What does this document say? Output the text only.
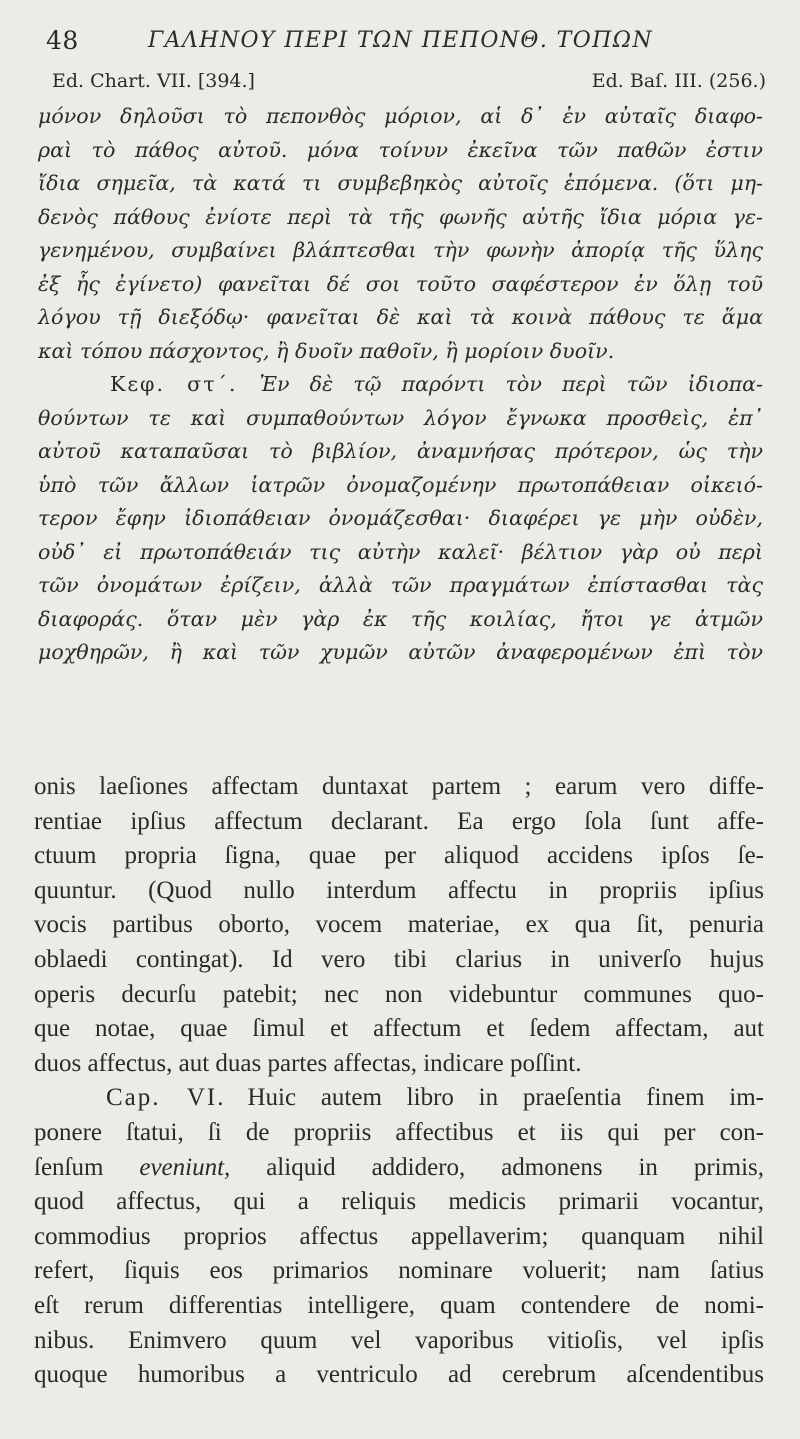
48	ΓΑΛΗΝΟΥ ΠΕΡΙ ΤΩΝ ΠΕΠΟΝΘ. ΤΟΠΩΝ
Ed. Chart. VII. [394.]	Ed. Baſ. III. (256.)
μόνον δηλοῦσι τὸ πεπονθὸς μόριον, αἱ δ᾿ ἐν αὐταῖς διαφο-
ραὶ τὸ πάθος αὐτοῦ. μόνα τοίνυν ἐκεῖνα τῶν παθῶν ἐστιν
ἴδια σημεῖα, τὰ κατά τι συμβεβηκὸς αὐτοῖς ἑπόμενα. (ὅτι μη-
δενὸς πάθους ἐνίοτε περὶ τὰ τῆς φωνῆς αὐτῆς ἴδια μόρια γε-
γενημένου, συμβαίνει βλάπτεσθαι τὴν φωνὴν ἀπορίᾳ τῆς ὕλης
ἐξ ἧς ἐγίνετο) φανεῖται δέ σοι τοῦτο σαφέστερον ἐν ὅλῃ τοῦ
λόγου τῇ διεξόδῳ· φανεῖται δὲ καὶ τὰ κοινὰ πάθους τε ἅμα
καὶ τόπου πάσχοντος, ἢ δυοῖν παθοῖν, ἢ μορίοιν δυοῖν.
Κεφ. στ΄. Ἐν δὲ τῷ παρόντι τὸν περὶ τῶν ἰδιοπα-
θούντων τε καὶ συμπαθούντων λόγον ἔγνωκα προσθεὶς, ἐπ᾿
αὐτοῦ καταπαῦσαι τὸ βιβλίον, ἀναμνήσας πρότερον, ὡς τὴν
ὑπὸ τῶν ἄλλων ἰατρῶν ὀνομαζομένην πρωτοπάθειαν οἰκειό-
τερον ἔφην ἰδιοπάθειαν ὀνομάζεσθαι· διαφέρει γε μὴν οὐδὲν,
οὐδ᾿ εἰ πρωτοπάθειάν τις αὐτὴν καλεῖ· βέλτιον γὰρ οὐ περὶ
τῶν ὀνομάτων ἐρίζειν, ἀλλὰ τῶν πραγμάτων ἐπίστασθαι τὰς
διαφοράς. ὅταν μὲν γὰρ ἐκ τῆς κοιλίας, ἤτοι γε ἀτμῶν
μοχθηρῶν, ἢ καὶ τῶν χυμῶν αὐτῶν ἀναφερομένων ἐπὶ τὸν
onis laeſiones affectam duntaxat partem ; earum vero diffe-
rentiae ipſius affectum declarant. Ea ergo ſola ſunt affe-
ctuum propria ſigna, quae per aliquod accidens ipſos ſe-
quuntur. (Quod nullo interdum affectu in propriis ipſius
vocis partibus oborto, vocem materiae, ex qua ſit, penuria
oblaedi contingat). Id vero tibi clarius in univerſo hujus
operis decurſu patebit; nec non videbuntur communes quo-
que notae, quae ſimul et affectum et ſedem affectam, aut
duos affectus, aut duas partes affectas, indicare poſſint.
Cap. VI. Huic autem libro in praeſentia finem im-
ponere ſtatui, ſi de propriis affectibus et iis qui per con-
ſenſum eveniunt, aliquid addidero, admonens in primis,
quod affectus, qui a reliquis medicis primarii vocantur,
commodius proprios affectus appellaverim; quanquam nihil
refert, ſiquis eos primarios nominare voluerit; nam ſatius
eſt rerum differentias intelligere, quam contendere de nomi-
nibus. Enimvero quum vel vaporibus vitioſis, vel ipſis
quoque humoribus a ventriculo ad cerebrum aſcendentibus
